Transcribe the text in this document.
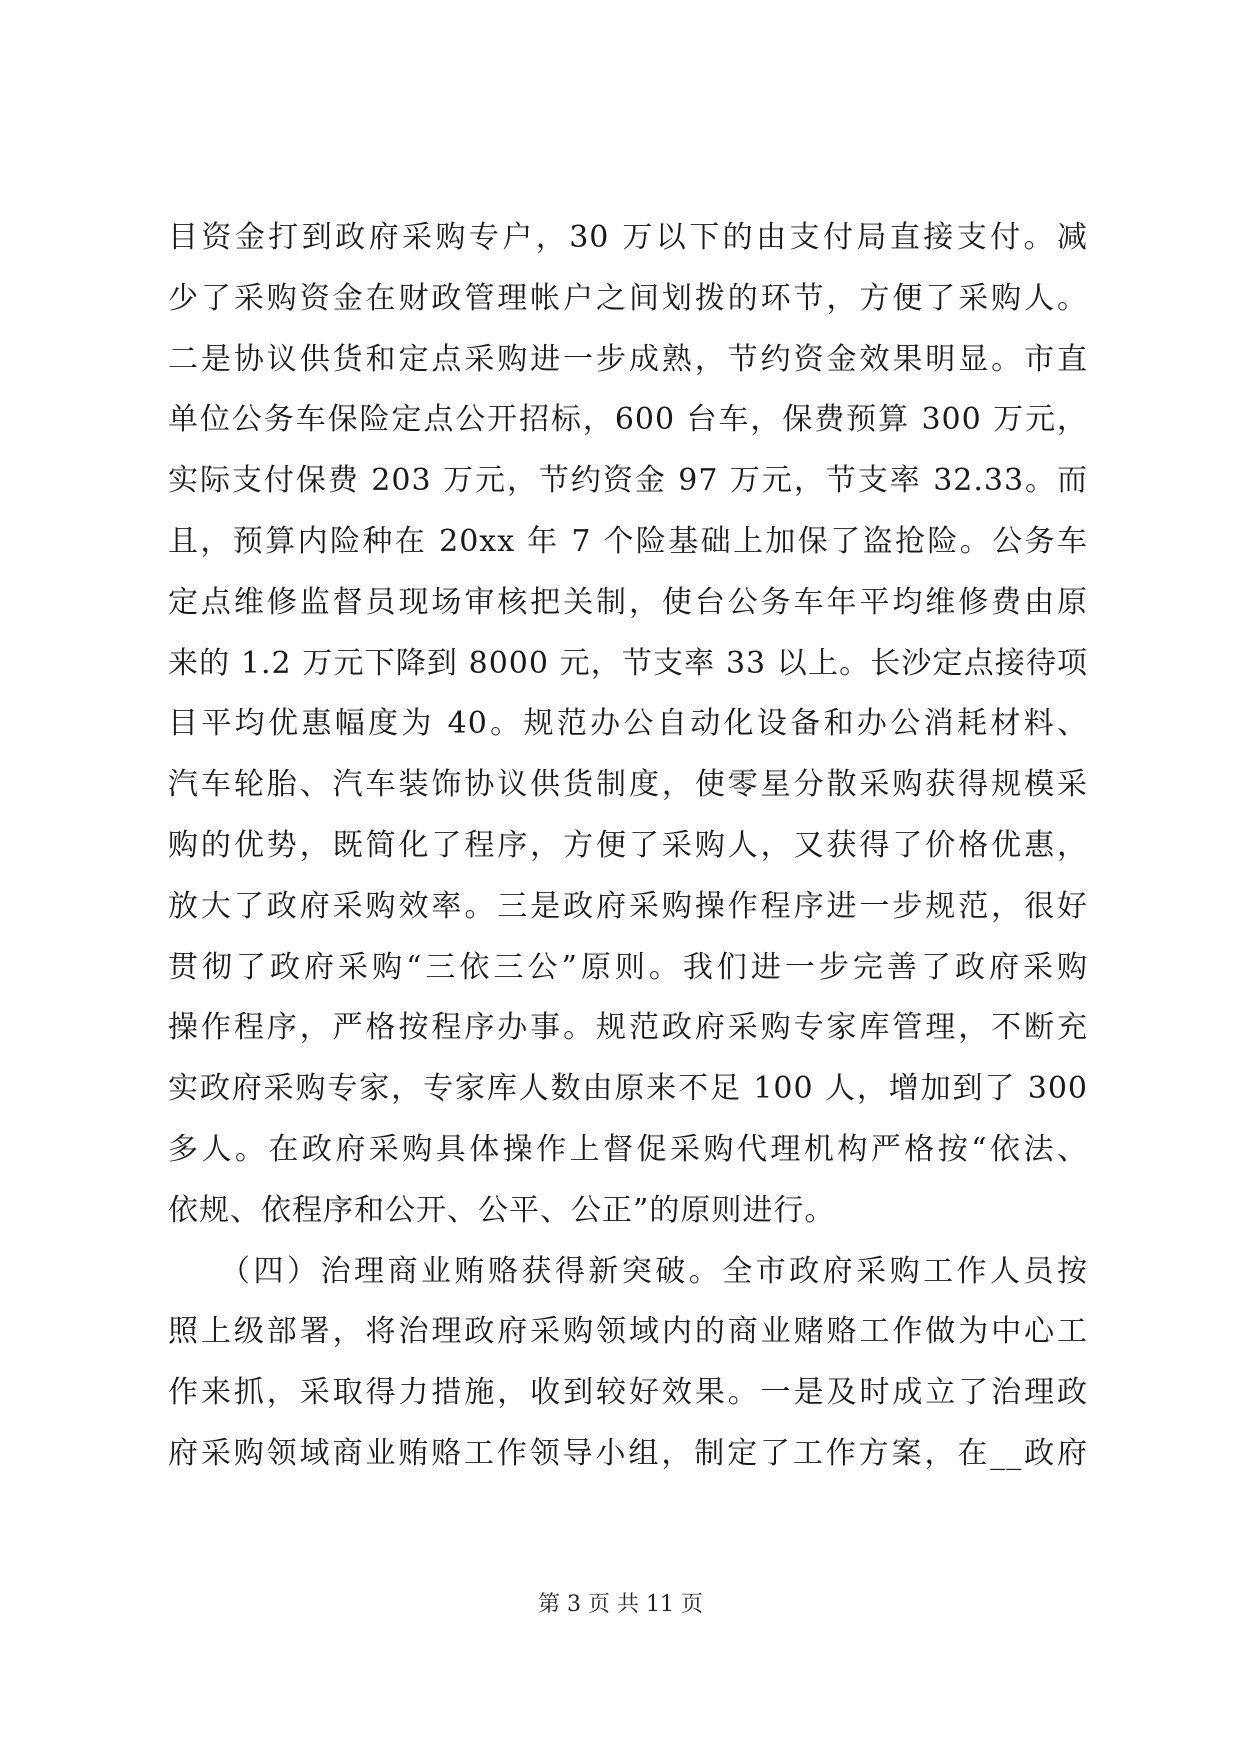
目资金打到政府采购专户，30 万以下的由支付局直接支付。减
少了采购资金在财政管理帐户之间划拨的环节，方便了采购人。
二是协议供货和定点采购进一步成熟，节约资金效果明显。市直
单位公务车保险定点公开招标，600 台车，保费预算 300 万元，
实际支付保费 203 万元，节约资金 97 万元，节支率 32.33。而
且，预算内险种在 20xx 年 7 个险基础上加保了盗抢险。公务车
定点维修监督员现场审核把关制，使台公务车年平均维修费由原
来的 1.2 万元下降到 8000 元，节支率 33 以上。长沙定点接待项
目平均优惠幅度为 40。规范办公自动化设备和办公消耗材料、
汽车轮胎、汽车装饰协议供货制度，使零星分散采购获得规模采
购的优势，既简化了程序，方便了采购人，又获得了价格优惠，
放大了政府采购效率。三是政府采购操作程序进一步规范，很好
贯彻了政府采购“三依三公”原则。我们进一步完善了政府采购
操作程序，严格按程序办事。规范政府采购专家库管理，不断充
实政府采购专家，专家库人数由原来不足 100 人，增加到了 300
多人。在政府采购具体操作上督促采购代理机构严格按“依法、
依规、依程序和公开、公平、公正”的原则进行。
（四）治理商业贿赂获得新突破。全市政府采购工作人员按
照上级部署，将治理政府采购领域内的商业赌赂工作做为中心工
作来抓，采取得力措施，收到较好效果。一是及时成立了治理政
府采购领域商业贿赂工作领导小组，制定了工作方案，在__政府
第 3 页 共 11 页
